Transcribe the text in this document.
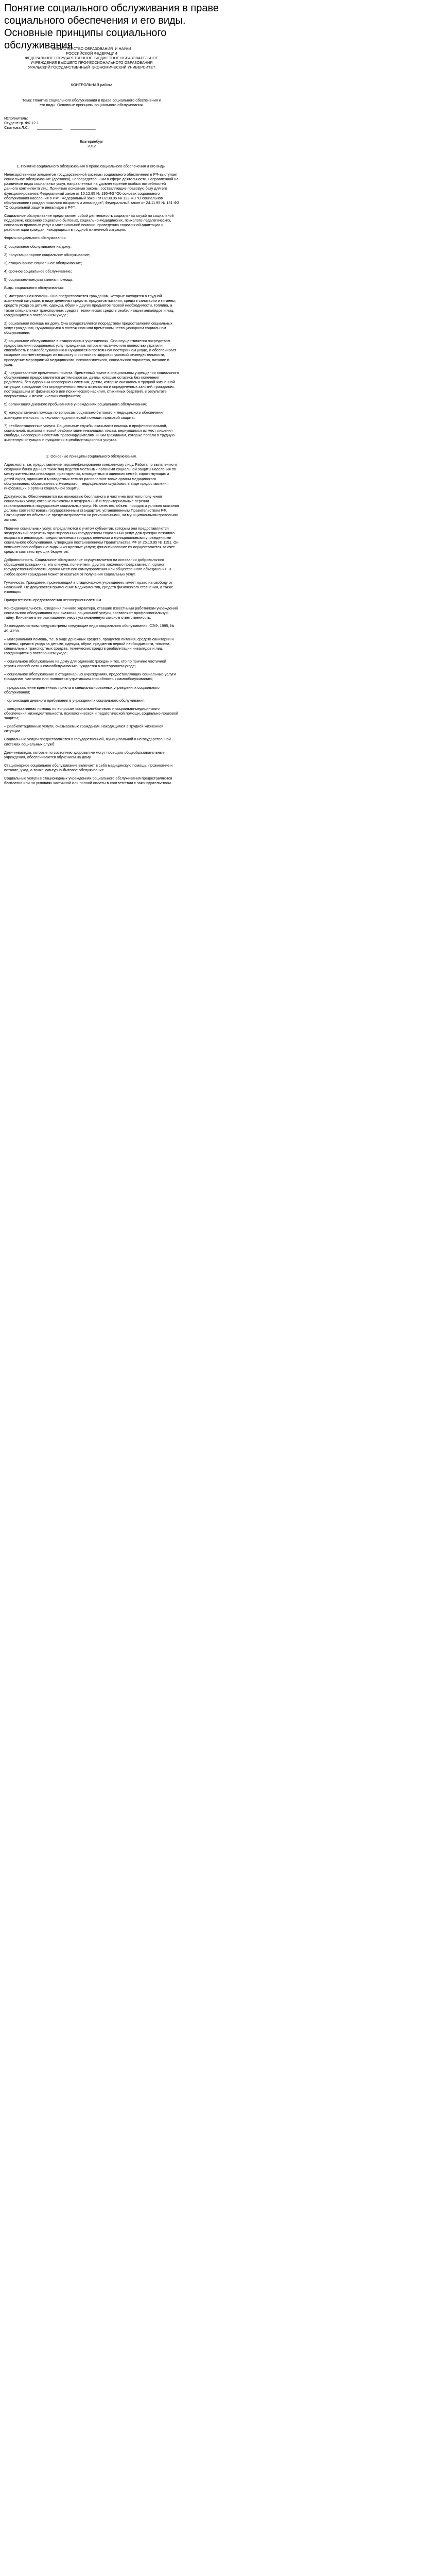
Понятие социального обслуживания в праве социального обеспечения и его виды. Основные принципы социального обслуживания
МИНИСТЕРСТВО ОБРАЗОВАНИЯ  И НАУКИ
РОССИЙСКОЙ ФЕДЕРАЦИИ
ФЕДЕРАЛЬНОЕ ГОСУДАРСТВЕННОЕ  БЮДЖЕТНОЕ ОБРАЗОВАТЕЛЬНОЕ
УЧРЕЖДЕНИЕ ВЫСШЕГО ПРОФЕССИОНАЛЬНОГО ОБРАЗОВАНИЯ
УРАЛЬСКИЙ ГОСУДАРСТВЕННЫЙ  ЭКОНОМИЧЕСКИЙ УНИВЕРСИТЕТ
КОНТРОЛЬНАЯ работа
Тема: Понятие социального обслуживания в праве социального обеспечения и
его виды. Основные принципы социального обслуживания.
Исполнитель:
Студент гр. ФК-12-1
Свиткова Л.С.        ____________        ____________
Екатеринбург
2012
1. Понятие социального обслуживания в праве социального обеспечения и его виды.

Нелекарственным элементом государственной системы социального обеспечения в РФ выступает социальное обслуживание (доставка), непосредственным в сфере деятельности, направленной на различные виды социальных услуг, направленных на удовлетворение особых потребностей данного контингента лиц. Принятые основные законы, составляющие правовую базу для его функционирования: Федеральный закон от 10.12.95 № 195-ФЗ "Об основах социального обслуживания населения в РФ"; Федеральный закон от 02.08.95 № 122-ФЗ "О социальном обслуживании граждан пожилого возраста и инвалидов"; Федеральный закон от 24.11.95 № 181-ФЗ "О социальной защите инвалидов в РФ".

Социальное обслуживание представляет собой деятельность социальных служб по социальной поддержке, оказанию социально-бытовых, социально-медицинских, психолого-педагогических, социально-правовых услуг и материальной помощи, проведению социальной адаптации и реабилитации граждан, находящихся в трудной жизненной ситуации.

Формы социального обслуживания:

1) социальное обслуживание на дому;

2) полустационарное социальное обслуживание;

3) стационарное социальное обслуживание;

4) срочное социальное обслуживание;

5) социально-консультативная помощь.

Виды социального обслуживания:

1) материальная помощь. Она предоставляется гражданам, которые находятся в трудной жизненной ситуации, в виде денежных средств, продуктов питания, средств санитарии и гигиены, средств ухода за детьми, одежды, обуви и других предметов первой необходимости, топлива, а также специальных транспортных средств, технических средств реабилитации инвалидов и лиц, нуждающихся в постороннем уходе;

2) социальная помощь на дому. Она осуществляется посредством предоставления социальных услуг гражданам, нуждающимся в постоянном или временном нестационарном социальном обслуживании;

3) социальное обслуживание в стационарных учреждениях. Оно осуществляется посредством предоставления социальных услуг гражданам, которые частично или полностью утратили способность к самообслуживанию и нуждаются в постоянном постороннем уходе, и обеспечивает создание соответствующих их возрасту и состоянию здоровья условий жизнедеятельности, проведение мероприятий медицинского, психологического, социального характера, питание и уход;

4) предоставление временного приюта. Временный приют в специальном учреждении социального обслуживания предоставляется детям-сиротам, детям, которые остались без попечения родителей, безнадзорным несовершеннолетним, детям, которые оказались в трудной жизненной ситуации, гражданам без определенного места жительства и определенных занятий, гражданам, пострадавшим от физического или психического насилия, стихийных бедствий, в результате вооруженных и межэтнических конфликтов;

5) организация дневного пребывания в учреждениях социального обслуживания;

6) консультативная помощь по вопросам социально-бытового и медицинского обеспечения жизнедеятельности, психолого-педагогической помощи, правовой защиты;

7) реабилитационные услуги. Социальные службы оказывают помощь в профессиональной, социальной, психологической реабилитации инвалидам, лицам, вернувшимся из мест лишения свободы, несовершеннолетним правонарушителям, иным гражданам, которые попали в трудную жизненную ситуацию и нуждаются в реабилитационных услугах.

2. Основные принципы социального обслуживания.

Адресность, т.е. предоставление персонифицированно конкретному лицу. Работа по выявлению и созданию банка данных таких лиц ведется местными органами социальной защиты населения по месту жительства инвалидов, престарелых, многодетных и одиноких семей, сиротствующих и детей-сирот, одиноких и многодетных семьях располагают также органы медицинского обслуживания, образования, с Немецкого – медицинскими службами, в виде предоставления информации в органы социальной защиты.

Доступность. Обеспечивается возможностью бесплатного и частично платного получения социальных услуг, которые включены в Федеральный и территориальные перечни гарантированных государством социальных услуг. Их качество, объем, порядок и условия оказания должны соответствовать государственным стандартам, установленным Правительством РФ. Сокращение их объема не предусматривается ни региональными, ни муниципальными правовыми актами.

Перечни социальных услуг, определяются с учетом субъектов, которым они предоставляются. Федеральный перечень гарантированных государством социальных услуг для граждан пожилого возраста и инвалидов, предоставляемых государственными и муниципальными учреждениями социального обслуживания, утвержден постановлением Правительства РФ от 25.10.95 № 1151. Он включает разнообразные виды и конкретные услуги; финансирование их осуществляется за счет средств соответствующих бюджетов.

Добровольность. Социальное обслуживание осуществляется на основании добровольного обращения гражданина, его опекуна, попечителя, другого законного представителя, органа государственной власти, органа местного самоуправления или общественного объединения. В любое время гражданин может отказаться от получения социальных услуг.

Гуманность. Гражданин, проживающий в стационарном учреждении, имеет право на свободу от наказаний. Не допускается применение медикаментов, средств физического стеснения, а также изоляции.

Приоритетность предоставления несовершеннолетним.

Конфиденциальность. Сведения личного характера, ставшие известными работникам учреждений социального обслуживания при оказании социальной услуги, составляют профессиональную тайну. Виновные в ее разглашении, несут установленную законом ответственность.

Законодательством предусмотрены следующие виды социального обслуживания: СЭФ, 1995, № 49, 4798.

– материальная помощь, т.е. в виде денежных средств, продуктов питания, средств санитарии и гигиены, средств ухода за детьми, одежды, обуви, предметов первой необходимости, топлива, специальных транспортных средств, технических средств реабилитации инвалидов и лиц, нуждающихся в постороннем уходе;

– социальное обслуживание на дому для одиноких граждан и тех, кто по причине частичной утраты способности к самообслуживанию нуждается в постороннем уходе;

– социальное обслуживание в стационарных учреждениях, предоставляющих социальные услуги гражданам, частично или полностью утратившим способность к самообслуживанию;

– предоставление временного приюта в специализированных учреждениях социального обслуживания;

– организация дневного пребывания в учреждениях социального обслуживания;

– консультативная помощь по вопросам социально-бытового и социально-медицинского обеспечения жизнедеятельности, психологической и педагогической помощи, социально-правовой защиты;

– реабилитационные услуги, оказываемые гражданам, находящимся в трудной жизненной ситуации.

Социальные услуги предоставляются в государственной, муниципальной и негосударственной системах социальных служб.

Дети-инвалиды, которые по состоянию здоровья не могут посещать общеобразовательные учреждения, обеспечиваются обучением на дому.

Стационарное социальное обслуживание включает в себя медицинскую помощь, проживание и питание, уход, а также культурно-бытовое обслуживание.

Социальные услуги в стационарных учреждениях социального обслуживания предоставляются бесплатно или на условиях частичной или полной оплаты в соответствии с законодательством.
